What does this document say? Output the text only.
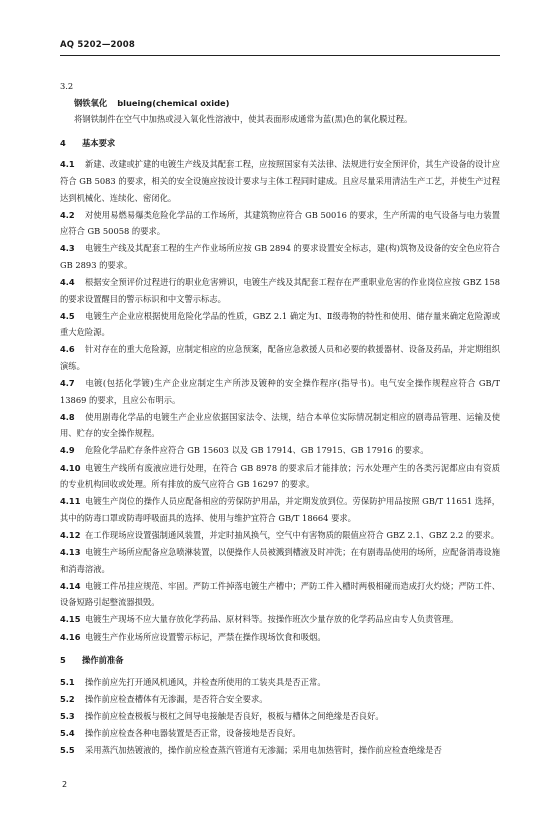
AQ 5202—2008
3.2
钢铁氧化 blueing(chemical oxide)
将钢铁制件在空气中加热或浸入氧化性溶液中，使其表面形成通常为蓝(黑)色的氧化膜过程。
4 基本要求
4.1 新建、改建或扩建的电镀生产线及其配套工程，应按照国家有关法律、法规进行安全预评价，其生产设备的设计应符合 GB 5083 的要求，相关的安全设施应按设计要求与主体工程同时建成。且应尽量采用清洁生产工艺，并使生产过程达到机械化、连续化、密闭化。
4.2 对使用易燃易爆类危险化学品的工作场所，其建筑物应符合 GB 50016 的要求，生产所需的电气设备与电力装置应符合 GB 50058 的要求。
4.3 电镀生产线及其配套工程的生产作业场所应按 GB 2894 的要求设置安全标志，建(构)筑物及设备的安全色应符合 GB 2893 的要求。
4.4 根据安全预评价过程进行的职业危害辨识，电镀生产线及其配套工程存在严重职业危害的作业岗位应按 GBZ 158 的要求设置醒目的警示标识和中文警示标志。
4.5 电镀生产企业应根据使用危险化学品的性质，GBZ 2.1 确定为Ⅰ、Ⅱ级毒物的特性和使用、储存量来确定危险源或重大危险源。
4.6 针对存在的重大危险源，应制定相应的应急预案，配备应急救援人员和必要的救援器材、设备及药品，并定期组织演练。
4.7 电镀(包括化学镀)生产企业应制定生产所涉及镀种的安全操作程序(指导书)。电气安全操作规程应符合 GB/T 13869 的要求，且应公布明示。
4.8 使用剧毒化学品的电镀生产企业应依据国家法令、法规，结合本单位实际情况制定相应的剧毒品管理、运输及使用、贮存的安全操作规程。
4.9 危险化学品贮存条件应符合 GB 15603 以及 GB 17914、GB 17915、GB 17916 的要求。
4.10 电镀生产线所有废液应进行处理，在符合 GB 8978 的要求后才能排放；污水处理产生的各类污泥都应由有资质的专业机构回收或处理。所有排放的废气应符合 GB 16297 的要求。
4.11 电镀生产岗位的操作人员应配备相应的劳保防护用品，并定期发放到位。劳保防护用品按照 GB/T 11651 选择，其中的防毒口罩或防毒呼吸面具的选择、使用与维护宜符合 GB/T 18664 要求。
4.12 在工作现场应设置强制通风装置，并定时抽风换气，空气中有害物质的限值应符合 GBZ 2.1、GBZ 2.2 的要求。
4.13 电镀生产场所应配备应急喷淋装置，以便操作人员被溅到槽液及时冲洗；在有剧毒品使用的场所，应配备消毒设施和消毒溶液。
4.14 电镀工件吊挂应规范、牢固。严防工件掉落电镀生产槽中；严防工件入槽时两极相碰而造成打火灼烧；严防工件、设备短路引起整流器损毁。
4.15 电镀生产现场不应大量存放化学药品、原材料等。按操作班次少量存放的化学药品应由专人负责管理。
4.16 电镀生产作业场所应设置警示标记，严禁在操作现场饮食和吸烟。
5 操作前准备
5.1 操作前应先打开通风机通风，并检查所使用的工装夹具是否正常。
5.2 操作前应检查槽体有无渗漏，是否符合安全要求。
5.3 操作前应检查极板与极杠之间导电接触是否良好，极板与槽体之间绝缘是否良好。
5.4 操作前应检查各种电器装置是否正常，设备接地是否良好。
5.5 采用蒸汽加热镀液的，操作前应检查蒸汽管道有无渗漏；采用电加热管时，操作前应检查绝缘是否
2
